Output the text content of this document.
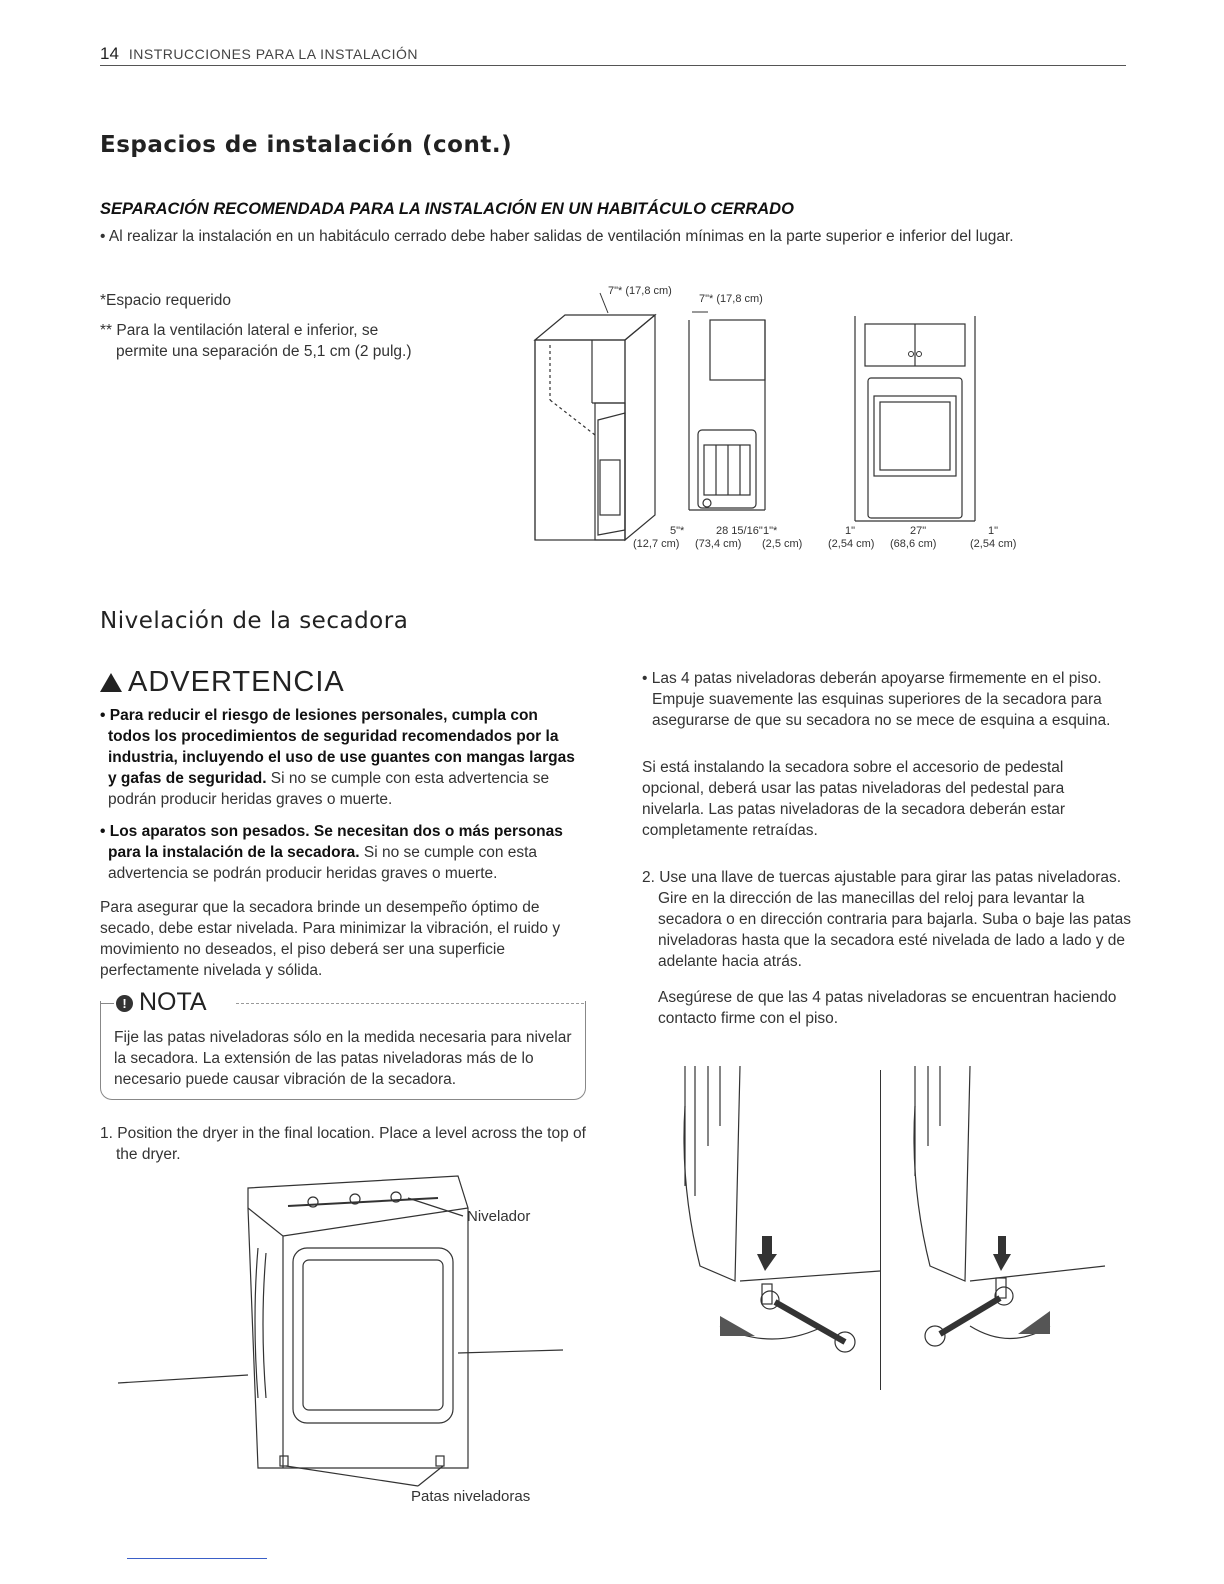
14 INSTRUCCIONES PARA LA INSTALACIÓN
Espacios de instalación (cont.)
SEPARACIÓN RECOMENDADA PARA LA INSTALACIÓN EN UN HABITÁCULO CERRADO
• Al realizar la instalación en un habitáculo cerrado debe haber salidas de ventilación mínimas en la parte superior e inferior del lugar.
*Espacio requerido
** Para la ventilación lateral e inferior, se permite una separación de 5,1 cm (2 pulg.)
7"* (17,8 cm)
7"* (17,8 cm)
5"*
(12,7 cm)
28 15/16"
(73,4 cm)
1"*
(2,5 cm)
1"
(2,54 cm)
27"
(68,6 cm)
1"
(2,54 cm)
Nivelación de la secadora
ADVERTENCIA

• Para reducir el riesgo de lesiones personales, cumpla con todos los procedimientos de seguridad recomendados por la industria, incluyendo el uso de use guantes con mangas largas y gafas de seguridad. Si no se cumple con esta advertencia se podrán producir heridas graves o muerte.

• Los aparatos son pesados. Se necesitan dos o más personas para la instalación de la secadora. Si no se cumple con esta advertencia se podrán producir heridas graves o muerte.

Para asegurar que la secadora brinde un desempeño óptimo de secado, debe estar nivelada. Para minimizar la vibración, el ruido y movimiento no deseados, el piso deberá ser una superficie perfectamente nivelada y sólida.
! NOTA
Fije las patas niveladoras sólo en la medida necesaria para nivelar la secadora. La extensión de las patas niveladoras más de lo necesario puede causar vibración de la secadora.
1. Position the dryer in the final location. Place a level across the top of the dryer.
Nivelador
Patas niveladoras
• Las 4 patas niveladoras deberán apoyarse firmemente en el piso. Empuje suavemente las esquinas superiores de la secadora para asegurarse de que su secadora no se mece de esquina a esquina.
Si está instalando la secadora sobre el accesorio de pedestal opcional, deberá usar las patas niveladoras del pedestal para nivelarla. Las patas niveladoras de la secadora deberán estar completamente retraídas.
2. Use una llave de tuercas ajustable para girar las patas niveladoras. Gire en la dirección de las manecillas del reloj para levantar la secadora o en dirección contraria para bajarla. Suba o baje las patas niveladoras hasta que la secadora esté nivelada de lado a lado y de adelante hacia atrás.
Asegúrese de que las 4 patas niveladoras se encuentran haciendo contacto firme con el piso.
